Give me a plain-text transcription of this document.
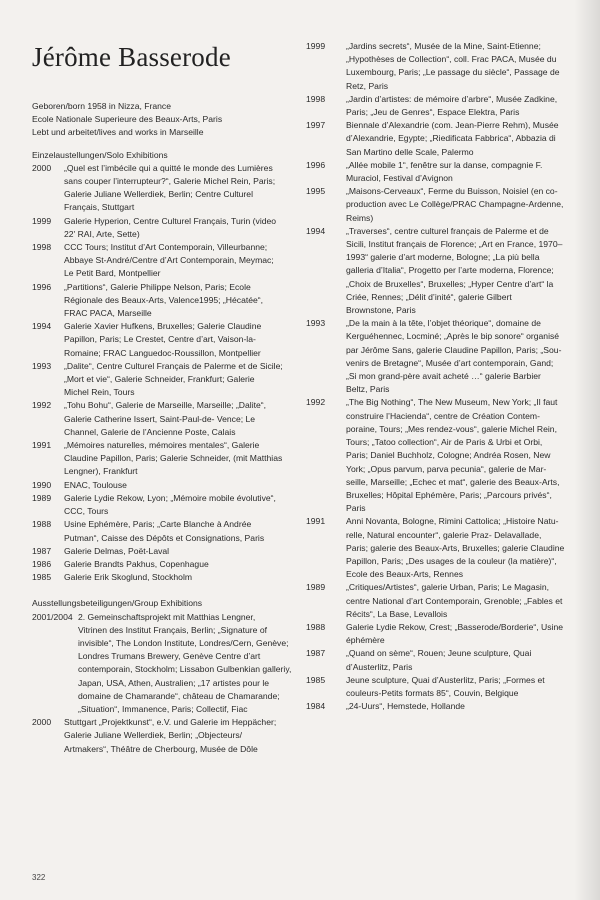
Jérôme Basserode
Geboren/born 1958 in Nizza, France
Ecole Nationale Superieure des Beaux-Arts, Paris
Lebt und arbeitet/lives and works in Marseille
Einzelaustellungen/Solo Exhibitions
2000	„Quel est l’imbécile qui a quitté le monde des Lumières
sans couper l’interrupteur?“, Galerie Michel Rein, Paris;
Galerie Juliane Wellerdiek, Berlin; Centre Culturel
Français, Stuttgart
1999	Galerie Hyperion, Centre Culturel Français, Turin (video
22' RAI, Arte, Sette)
1998	CCC Tours; Institut d’Art Contemporain, Villeurbanne;
Abbaye St-André/Centre d’Art Contemporain, Meymac;
Le Petit Bard, Montpellier
1996	„Partitions“, Galerie Philippe Nelson, Paris; Ecole
Régionale des Beaux-Arts, Valence1995; „Hécatée“,
FRAC PACA, Marseille
1994	Galerie Xavier Hufkens, Bruxelles; Galerie Claudine
Papillon, Paris; Le Crestet, Centre d’art, Vaison-la-
Romaine; FRAC Languedoc-Roussillon, Montpellier
1993	„Dalite“, Centre Culturel Français de Palerme et de Sicile;
„Mort et vie“, Galerie Schneider, Frankfurt; Galerie
Michel Rein, Tours
1992	„Tohu Bohu“, Galerie de Marseille, Marseille; „Dalite“,
Galerie Catherine Issert, Saint-Paul-de- Vence; Le
Channel, Galerie de l’Ancienne Poste, Calais
1991	„Mémoires naturelles, mémoires mentales“, Galerie
Claudine Papillon, Paris; Galerie Schneider, (mit Matthias
Lengner), Frankfurt
1990	ENAC, Toulouse
1989	Galerie Lydie Rekow, Lyon; „Mémoire mobile évolutive“,
CCC, Tours
1988	Usine Ephémère, Paris; „Carte Blanche à Andrée
Putman“, Caisse des Dépôts et Consignations, Paris
1987	Galerie Delmas, Poët-Laval
1986	Galerie Brandts Pakhus, Copenhague
1985	Galerie Erik Skoglund, Stockholm
Ausstellungsbeteiligungen/Group Exhibitions
2001/2004 2. Gemeinschaftsprojekt mit Matthias Lengner,
Vitrinen des Institut Français, Berlin; „Signature of
invisible“, The London Institute, Londres/Cern, Genève;
Londres Trumans Brewery, Genève Centre d’art
contemporain, Stockholm; Lissabon Gulbenkian galleriy,
Japan, USA, Athen, Australien; „17 artistes pour le
domaine de Chamarande“, château de Chamarande;
„Situation“, Immanence, Paris; Collectif, Fiac
2000	Stuttgart „Projektkunst“, e.V. und Galerie im Heppächer;
Galerie Juliane Wellerdiek, Berlin; „Objecteurs/
Artmakers“, Théâtre de Cherbourg, Musée de Dôle
1999	„Jardins secrets“, Musée de la Mine, Saint-Etienne;
„Hypothèses de Collection“, coll. Frac PACA, Musée du
Luxembourg, Paris; „Le passage du siècle“, Passage de
Retz, Paris
1998	„Jardin d’artistes: de mémoire d’arbre“, Musée Zadkine,
Paris; „Jeu de Genres“, Espace Elektra, Paris
1997	Biennale d’Alexandrie (com. Jean-Pierre Rehm), Musée
d’Alexandrie, Egypte; „Riedificata Fabbrica“, Abbazia di
San Martino delle Scale, Palermo
1996	„Allée mobile 1“, fenêtre sur la danse, compagnie F.
Muraciol, Festival d’Avignon
1995	„Maisons-Cerveaux“, Ferme du Buisson, Noisiel (en co-
production avec Le Collège/PRAC Champagne-Ardenne,
Reims)
1994	„Traverses“, centre culturel français de Palerme et de
Sicili, Institut français de Florence; „Art en France, 1970–
1993“ galerie d’art moderne, Bologne; „La più bella
galleria d’Italia“, Progetto per l’arte moderna, Florence;
„Choix de Bruxelles“, Bruxelles; „Hyper Centre d’art“ la
Criée, Rennes; „Délit d’inité“, galerie Gilbert
Brownstone, Paris
1993	„De la main à la tête, l’objet théorique“, domaine de
Kerguéhennec, Locminé; „Après le bip sonore“ organisé
par Jérôme Sans, galerie Claudine Papillon, Paris; „Sou-
venirs de Bretagne“, Musée d’art contemporain, Gand;
„Si mon grand-père avait acheté …“ galerie Barbier
Beltz, Paris
1992	„The Big Nothing“, The New Museum, New York; „Il faut
construire l’Hacienda“, centre de Création Contem-
poraine, Tours; „Mes rendez-vous“, galerie Michel Rein,
Tours; „Tatoo collection“, Air de Paris & Urbi et Orbi,
Paris; Daniel Buchholz, Cologne; Andréa Rosen, New
York; „Opus parvum, parva pecunia“, galerie de Mar-
seille, Marseille; „Echec et mat“, galerie des Beaux-Arts,
Bruxelles; Hôpital Ephémère, Paris; „Parcours privés“,
Paris
1991	Anni Novanta, Bologne, Rimini Cattolica; „Histoire Natu-
relle, Natural encounter“, galerie Praz- Delavallade,
Paris; galerie des Beaux-Arts, Bruxelles; galerie Claudine
Papillon, Paris; „Des usages de la couleur (la matière)“,
Ecole des Beaux-Arts, Rennes
1989	„Critiques/Artistes“, galerie Urban, Paris; Le Magasin,
centre National d’art Contemporain, Grenoble; „Fables et
Récits“, La Base, Levallois
1988	Galerie Lydie Rekow, Crest; „Basserode/Borderie“, Usine
éphémère
1987	„Quand on sème“, Rouen; Jeune sculpture, Quai
d’Austerlitz, Paris
1985	Jeune sculpture, Quai d’Austerlitz, Paris; „Formes et
couleurs-Petits formats 85“, Couvin, Belgique
1984	„24-Uurs“, Hemstede, Hollande
322
